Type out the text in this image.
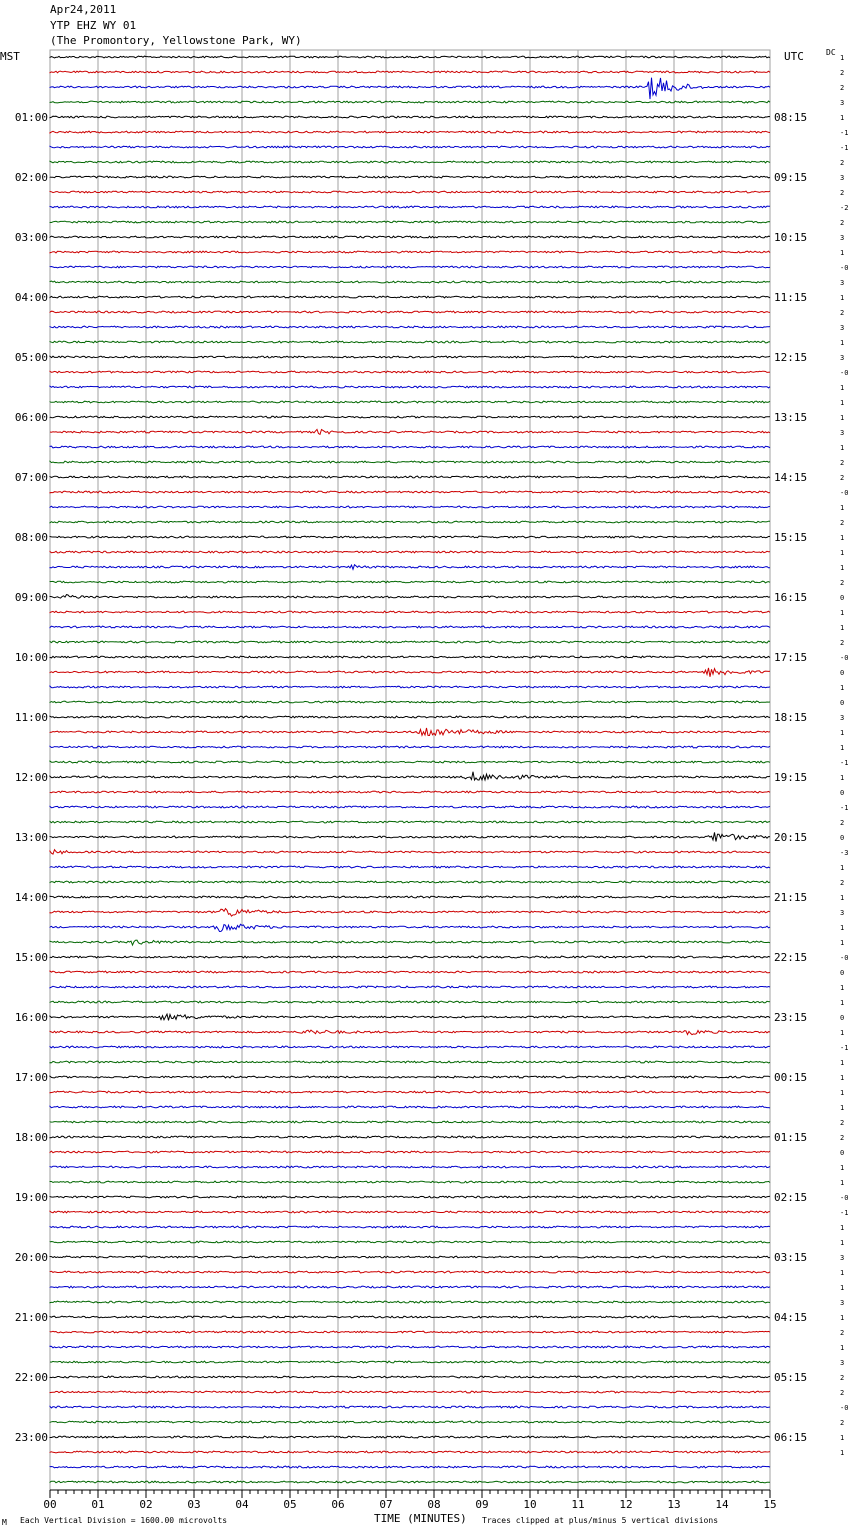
Apr24,2011
YTP EHZ WY 01
(The Promontory, Yellowstone Park, WY)
MST	UTC	DC
1
2
2
3
1
-1
-1
2
3
2
-2
2
3
1
-0
3
1
2
3
1
3
-0
1
1
1
3
1
2
2
-0
1
2
1
1
1
2
0
1
1
2
-0
0
1
0
3
1
1
-1
1
0
-1
2
0
-3
1
2
1
3
1
1
-0
0
1
1
0
1
-1
1
1
1
1
2
2
0
1
1
-0
-1
1
1
3
1
1
3
1
2
1
3
2
2
-0
2
1
1
01:00	08:15
02:00	09:15
03:00	10:15
04:00	11:15
05:00	12:15
06:00	13:15
07:00	14:15
08:00	15:15
09:00	16:15
10:00	17:15
11:00	18:15
12:00	19:15
13:00	20:15
14:00	21:15
15:00	22:15
16:00	23:15
17:00	00:15
18:00	01:15
19:00	02:15
20:00	03:15
21:00	04:15
22:00	05:15
23:00	06:15
00	01	02	03	04	05	06	07	08	09	10	11	12	13	14	15
M Each Vertical Division = 1600.00 microvolts	TIME (MINUTES) Traces clipped at plus/minus 5 vertical divisions
